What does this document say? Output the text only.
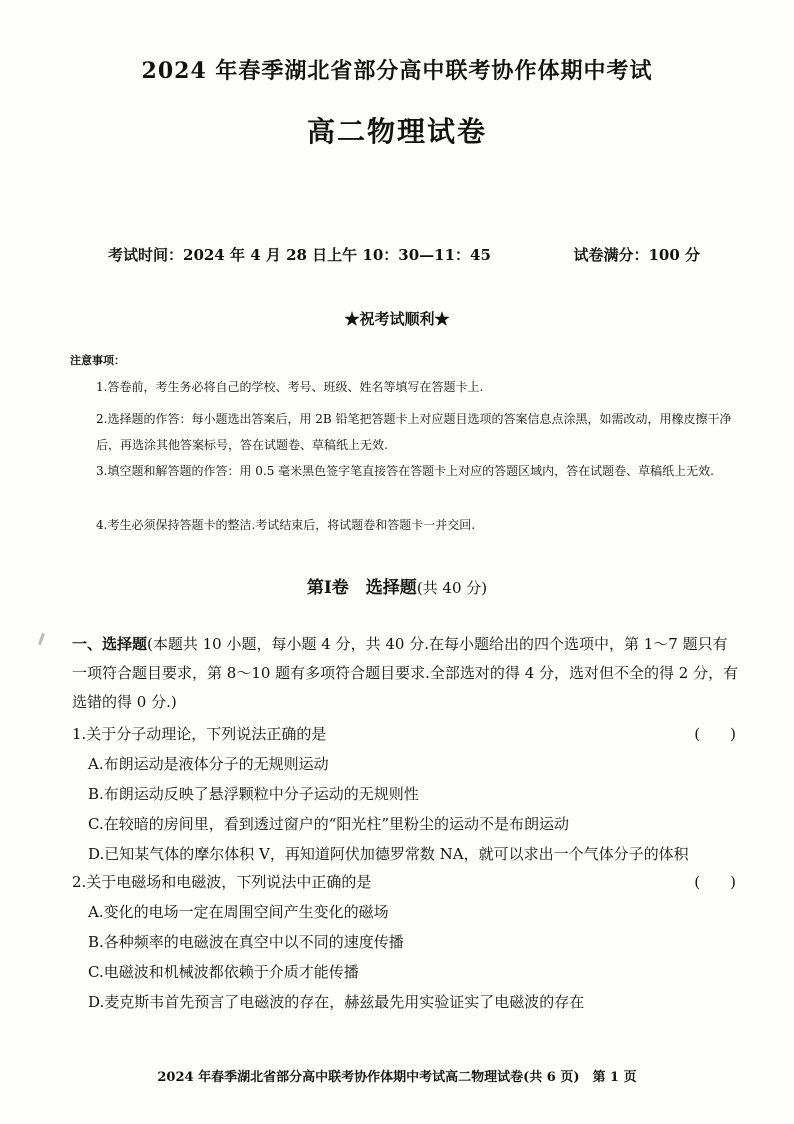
2024 年春季湖北省部分高中联考协作体期中考试
高二物理试卷
考试时间：2024 年 4 月 28 日上午 10：30—11：45	试卷满分：100 分
★祝考试顺利★
注意事项：
1.答卷前，考生务必将自己的学校、考号、班级、姓名等填写在答题卡上.
2.选择题的作答：每小题选出答案后，用 2B 铅笔把答题卡上对应题目选项的答案信息点涂黑，如需改动，用橡皮擦干净后，再选涂其他答案标号，答在试题卷、草稿纸上无效.
3.填空题和解答题的作答：用 0.5 毫米黑色签字笔直接答在答题卡上对应的答题区域内，答在试题卷、草稿纸上无效.
4.考生必须保持答题卡的整洁.考试结束后，将试题卷和答题卡一并交回.
第Ⅰ卷　选择题(共 40 分)
一、选择题(本题共 10 小题，每小题 4 分，共 40 分.在每小题给出的四个选项中，第 1～7 题只有一项符合题目要求，第 8～10 题有多项符合题目要求.全部选对的得 4 分，选对但不全的得 2 分，有选错的得 0 分.)
1.关于分子动理论，下列说法正确的是	(　　)
A.布朗运动是液体分子的无规则运动
B.布朗运动反映了悬浮颗粒中分子运动的无规则性
C.在较暗的房间里，看到透过窗户的“阳光柱”里粉尘的运动不是布朗运动
D.已知某气体的摩尔体积 V，再知道阿伏加德罗常数 NA，就可以求出一个气体分子的体积
2.关于电磁场和电磁波，下列说法中正确的是	(　　)
A.变化的电场一定在周围空间产生变化的磁场
B.各种频率的电磁波在真空中以不同的速度传播
C.电磁波和机械波都依赖于介质才能传播
D.麦克斯韦首先预言了电磁波的存在，赫兹最先用实验证实了电磁波的存在
2024 年春季湖北省部分高中联考协作体期中考试高二物理试卷(共 6 页)　第 1 页
